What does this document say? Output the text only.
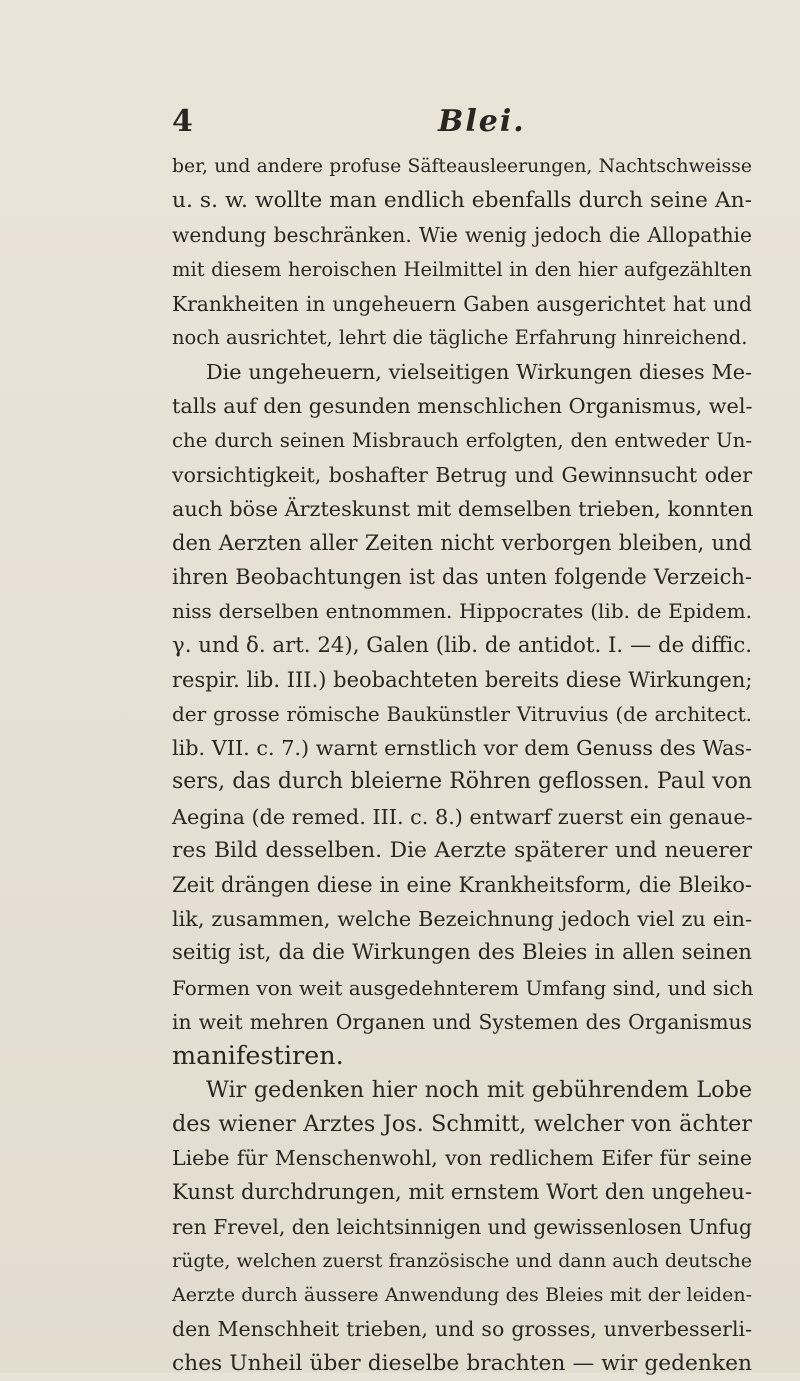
4	Blei.
ber, und andere profuse Säfteausleerungen, Nachtschweisse
u. s. w. wollte man endlich ebenfalls durch seine An-
wendung beschränken. Wie wenig jedoch die Allopathie
mit diesem heroischen Heilmittel in den hier aufgezählten
Krankheiten in ungeheuern Gaben ausgerichtet hat und
noch ausrichtet, lehrt die tägliche Erfahrung hinreichend.
Die ungeheuern, vielseitigen Wirkungen dieses Me-
talls auf den gesunden menschlichen Organismus, wel-
che durch seinen Misbrauch erfolgten, den entweder Un-
vorsichtigkeit, boshafter Betrug und Gewinnsucht oder
auch böse Ärzteskunst mit demselben trieben, konnten
den Aerzten aller Zeiten nicht verborgen bleiben, und
ihren Beobachtungen ist das unten folgende Verzeich-
niss derselben entnommen. Hippocrates (lib. de Epidem.
γ. und δ. art. 24), Galen (lib. de antidot. I. — de diffic.
respir. lib. III.) beobachteten bereits diese Wirkungen;
der grosse römische Baukünstler Vitruvius (de architect.
lib. VII. c. 7.) warnt ernstlich vor dem Genuss des Was-
sers, das durch bleierne Röhren geflossen. Paul von
Aegina (de remed. III. c. 8.) entwarf zuerst ein genaue-
res Bild desselben. Die Aerzte späterer und neuerer
Zeit drängen diese in eine Krankheitsform, die Bleiko-
lik, zusammen, welche Bezeichnung jedoch viel zu ein-
seitig ist, da die Wirkungen des Bleies in allen seinen
Formen von weit ausgedehnterem Umfang sind, und sich
in weit mehren Organen und Systemen des Organismus
manifestiren.
Wir gedenken hier noch mit gebührendem Lobe
des wiener Arztes Jos. Schmitt, welcher von ächter
Liebe für Menschenwohl, von redlichem Eifer für seine
Kunst durchdrungen, mit ernstem Wort den ungeheu-
ren Frevel, den leichtsinnigen und gewissenlosen Unfug
rügte, welchen zuerst französische und dann auch deutsche
Aerzte durch äussere Anwendung des Bleies mit der leiden-
den Menschheit trieben, und so grosses, unverbesserli-
ches Unheil über dieselbe brachten — wir gedenken
